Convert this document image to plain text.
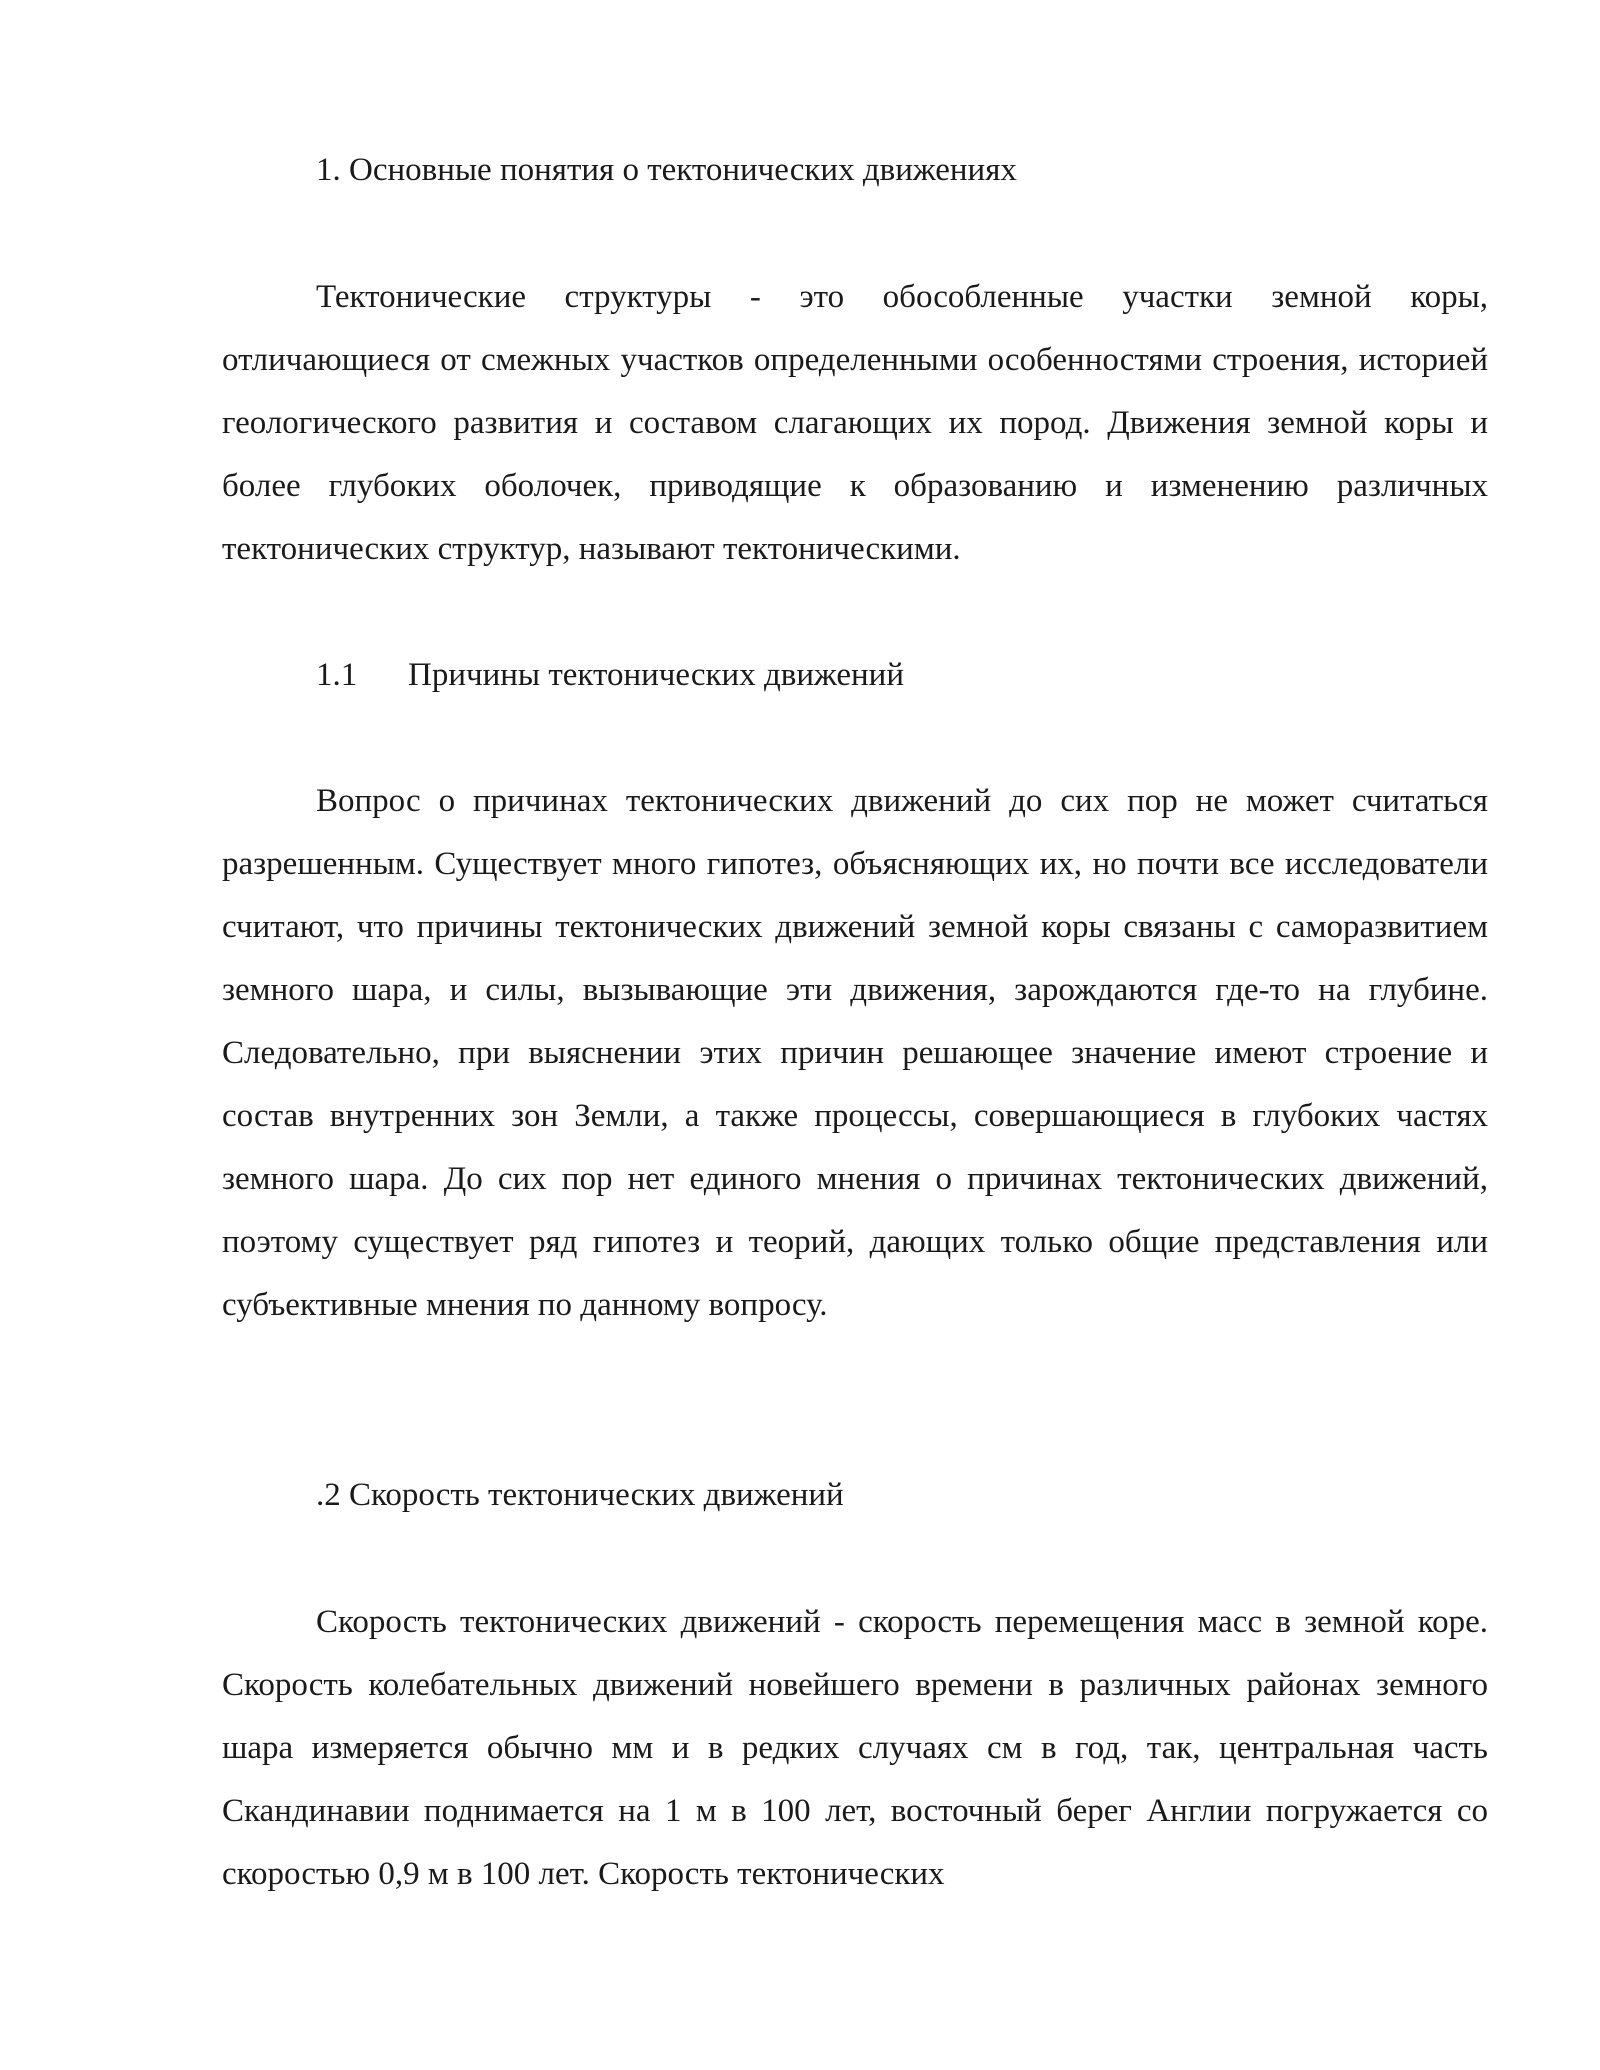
1. Основные понятия о тектонических движениях

Тектонические структуры - это обособленные участки земной коры, отличающиеся от смежных участков определенными особенностями строения, историей геологического развития и составом слагающих их пород. Движения земной коры и более глубоких оболочек, приводящие к образованию и изменению различных тектонических структур, называют тектоническими.

1.1 Причины тектонических движений

Вопрос о причинах тектонических движений до сих пор не может считаться разрешенным. Существует много гипотез, объясняющих их, но почти все исследователи считают, что причины тектонических движений земной коры связаны с саморазвитием земного шара, и силы, вызывающие эти движения, зарождаются где-то на глубине. Следовательно, при выяснении этих причин решающее значение имеют строение и состав внутренних зон Земли, а также процессы, совершающиеся в глубоких частях земного шара. До сих пор нет единого мнения о причинах тектонических движений, поэтому существует ряд гипотез и теорий, дающих только общие представления или субъективные мнения по данному вопросу.

.2 Скорость тектонических движений

Скорость тектонических движений - скорость перемещения масс в земной коре. Скорость колебательных движений новейшего времени в различных районах земного шара измеряется обычно мм и в редких случаях см в год, так, центральная часть Скандинавии поднимается на 1 м в 100 лет, восточный берег Англии погружается со скоростью 0,9 м в 100 лет. Скорость тектонических
